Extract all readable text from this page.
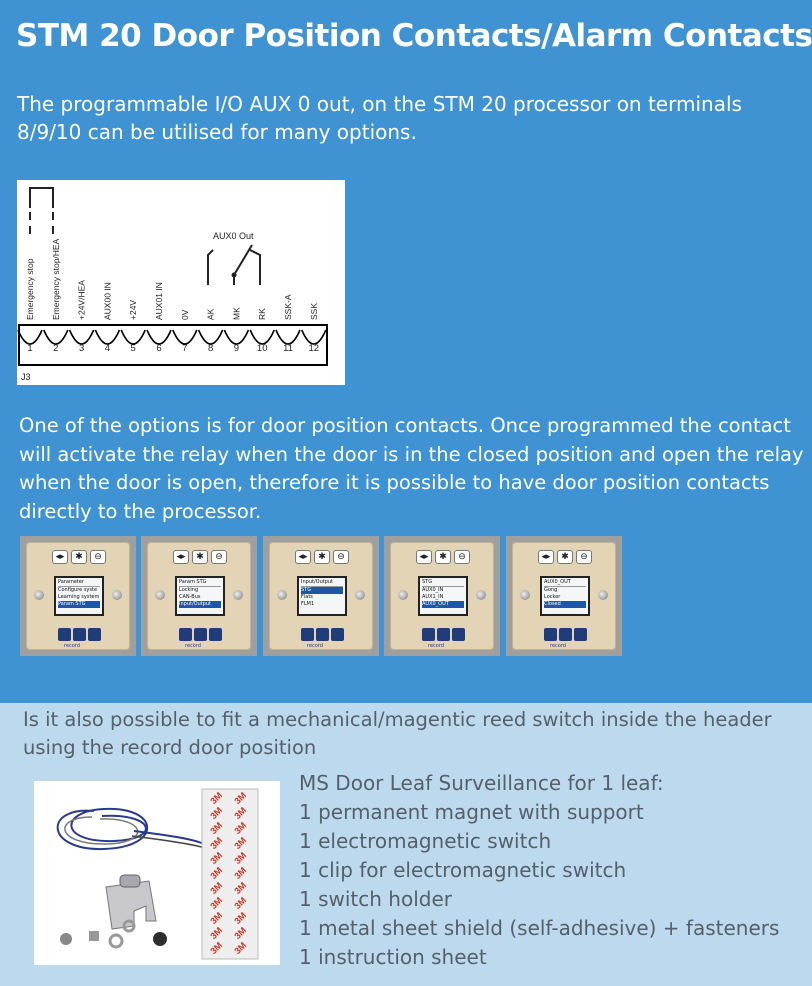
STM 20 Door Position Contacts/Alarm Contacts

The programmable I/O AUX 0 out, on the STM 20 processor on terminals 8/9/10 can be utilised for many options.

AUX0 Out
Emergency stop Emergency stop/HEA +24V/HEA AUX00 IN +24V AUX01 IN 0V AK MK RK SSK-A SSK
1 2 3 4 5 6 7 8 9 10 11 12
J3

One of the options is for door position contacts. Once programmed the contact will activate the relay when the door is in the closed position and open the relay when the door is open, therefore it is possible to have door position contacts directly to the processor.

◂▸	✱	⊖
Parameter
Configure syste
Learning system
Param STG
record
◂▸	✱	⊖
Param STG
Locking
CAN-Bus
Input/Output
record
◂▸	✱	⊖
Input/Output
STG
Flats
FLM1
record
◂▸	✱	⊖
STG
AUX0_IN
AUX1_IN
AUX0_OUT
record
◂▸	✱	⊖
AUX0_OUT
Gong
Locker
Closed
record
Is it also possible to fit a mechanical/magentic reed switch inside the header using the record door position
3M 3M
3M 3M
3M 3M
3M 3M
3M 3M
3M 3M
3M 3M
3M 3M
3M 3M
3M 3M
3M 3M
MS Door Leaf Surveillance for 1 leaf:
1 permanent magnet with support
1 electromagnetic switch
1 clip for electromagnetic switch
1 switch holder
1 metal sheet shield (self-adhesive) + fasteners
1 instruction sheet
